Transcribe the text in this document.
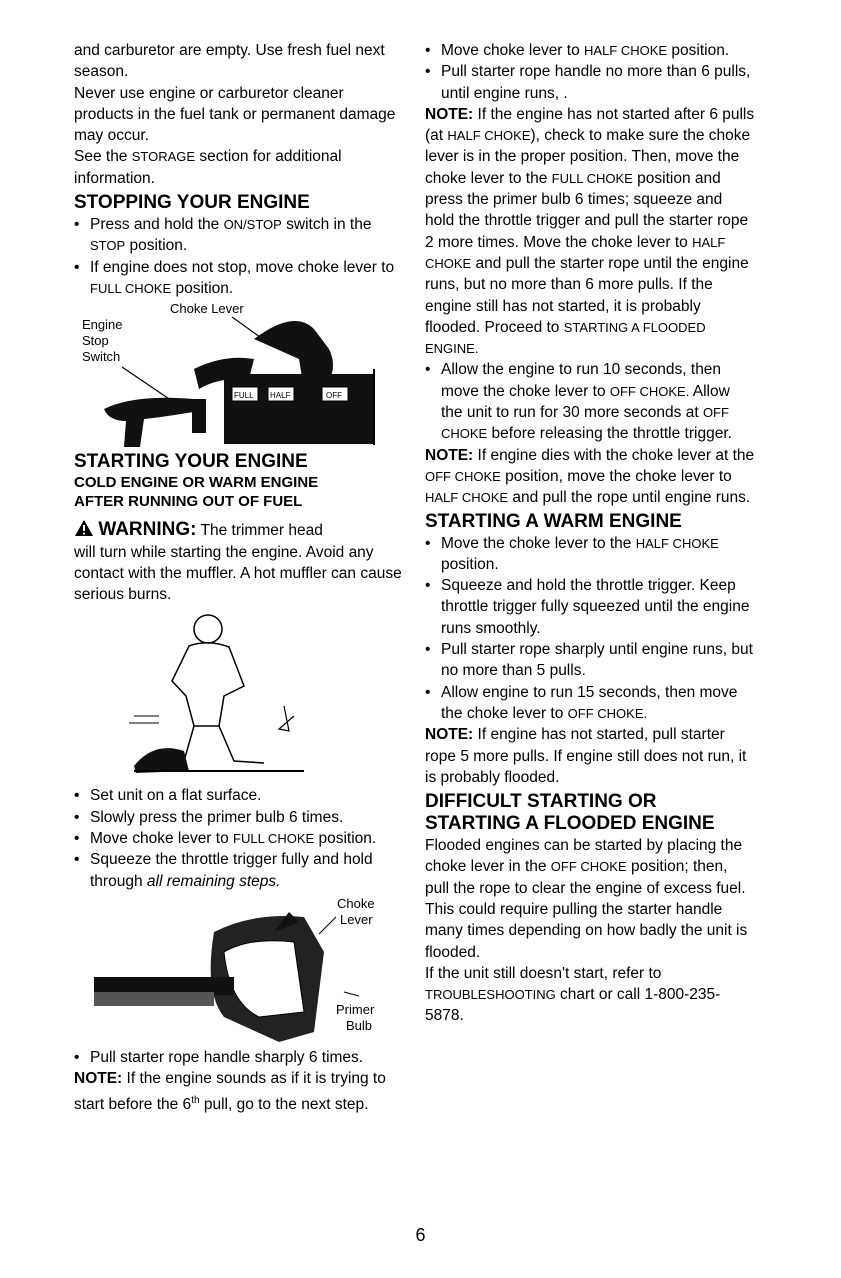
and carburetor are empty. Use fresh fuel next season.

Never use engine or carburetor cleaner products in the fuel tank or permanent damage may occur.

See the STORAGE section for additional information.

STOPPING YOUR ENGINE
• Press and hold the ON/STOP switch in the STOP position.
• If engine does not stop, move choke lever to FULL CHOKE position.
Choke Lever
Engine
Stop
Switch
FULL HALF	OFF
STARTING YOUR ENGINE
COLD ENGINE OR WARM ENGINE
AFTER RUNNING OUT OF FUEL

WARNING: The trimmer head
will turn while starting the engine. Avoid any contact with the muffler. A hot muffler can cause serious burns.

• Set unit on a flat surface.
• Slowly press the primer bulb 6 times.
• Move choke lever to FULL CHOKE position.
• Squeeze the throttle trigger fully and hold through all remaining steps.
Choke
Lever
Primer
Bulb
• Pull starter rope handle sharply 6 times.

NOTE: If the engine sounds as if it is trying to start before the 6th pull, go to the next step.

• Move choke lever to HALF CHOKE position.
• Pull starter rope handle no more than 6 pulls, until engine runs, .

NOTE: If the engine has not started after 6 pulls (at HALF CHOKE), check to make sure the choke lever is in the proper position. Then, move the choke lever to the FULL CHOKE position and press the primer bulb 6 times; squeeze and hold the throttle trigger and pull the starter rope 2 more times. Move the choke lever to HALF CHOKE and pull the starter rope until the engine runs, but no more than 6 more pulls. If the engine still has not started, it is probably flooded. Proceed to STARTING A FLOODED ENGINE.

• Allow the engine to run 10 seconds, then move the choke lever to OFF CHOKE. Allow the unit to run for 30 more seconds at OFF CHOKE before releasing the throttle trigger.

NOTE: If engine dies with the choke lever at the OFF CHOKE position, move the choke lever to HALF CHOKE and pull the rope until engine runs.

STARTING A WARM ENGINE
• Move the choke lever to the HALF CHOKE position.
• Squeeze and hold the throttle trigger. Keep throttle trigger fully squeezed until the engine runs smoothly.
• Pull starter rope sharply until engine runs, but no more than 5 pulls.
• Allow engine to run 15 seconds, then move the choke lever to OFF CHOKE.

NOTE: If engine has not started, pull starter rope 5 more pulls. If engine still does not run, it is probably flooded.

DIFFICULT STARTING OR
STARTING A FLOODED ENGINE

Flooded engines can be started by placing the choke lever in the OFF CHOKE position; then, pull the rope to clear the engine of excess fuel. This could require pulling the starter handle many times depending on how badly the unit is flooded.

If the unit still doesn't start, refer to TROUBLESHOOTING chart or call 1-800-235-5878.

6
